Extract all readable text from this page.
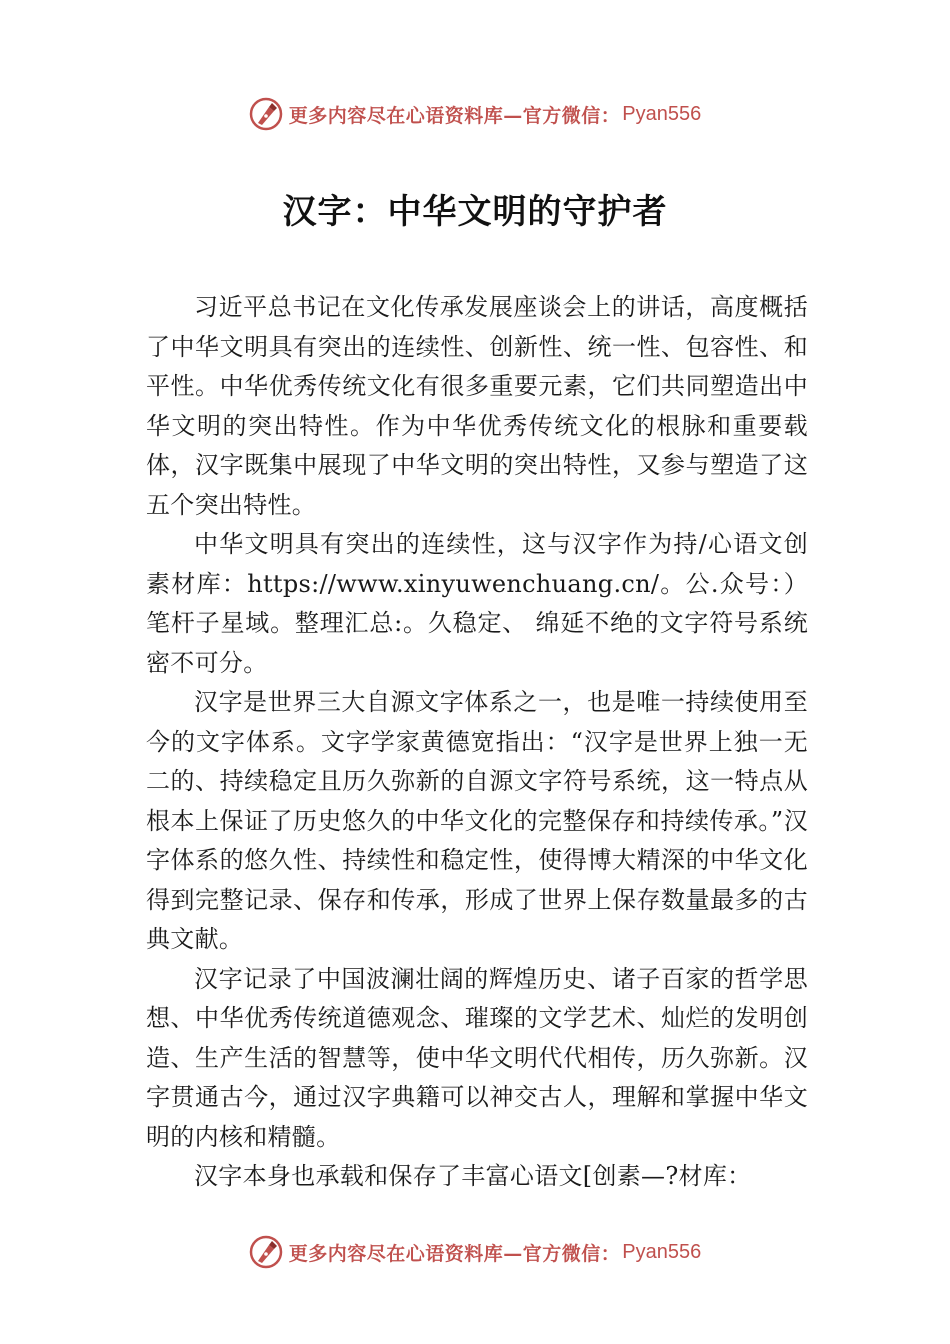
更多内容尽在心语资料库—官方微信： Pyan556
汉字：中华文明的守护者

习近平总书记在文化传承发展座谈会上的讲话，高度概括了中华文明具有突出的连续性、创新性、统一性、包容性、和平性。中华优秀传统文化有很多重要元素，它们共同塑造出中华文明的突出特性。作为中华优秀传统文化的根脉和重要载体，汉字既集中展现了中华文明的突出特性，又参与塑造了这五个突出特性。

中华文明具有突出的连续性，这与汉字作为持/心语文创素材库：https://www.xinyuwenchuang.cn/。公.众号：）笔杆子星域。整理汇总:。久稳定、 绵延不绝的文字符号系统密不可分。

汉字是世界三大自源文字体系之一，也是唯一持续使用至今的文字体系。文字学家黄德宽指出：“汉字是世界上独一无二的、持续稳定且历久弥新的自源文字符号系统，这一特点从根本上保证了历史悠久的中华文化的完整保存和持续传承。”汉字体系的悠久性、持续性和稳定性，使得博大精深的中华文化得到完整记录、保存和传承，形成了世界上保存数量最多的古典文献。

汉字记录了中国波澜壮阔的辉煌历史、诸子百家的哲学思想、中华优秀传统道德观念、璀璨的文学艺术、灿烂的发明创造、生产生活的智慧等，使中华文明代代相传，历久弥新。汉字贯通古今，通过汉字典籍可以神交古人，理解和掌握中华文明的内核和精髓。

汉字本身也承载和保存了丰富心语文[创素—?材库：

更多内容尽在心语资料库—官方微信： Pyan556
